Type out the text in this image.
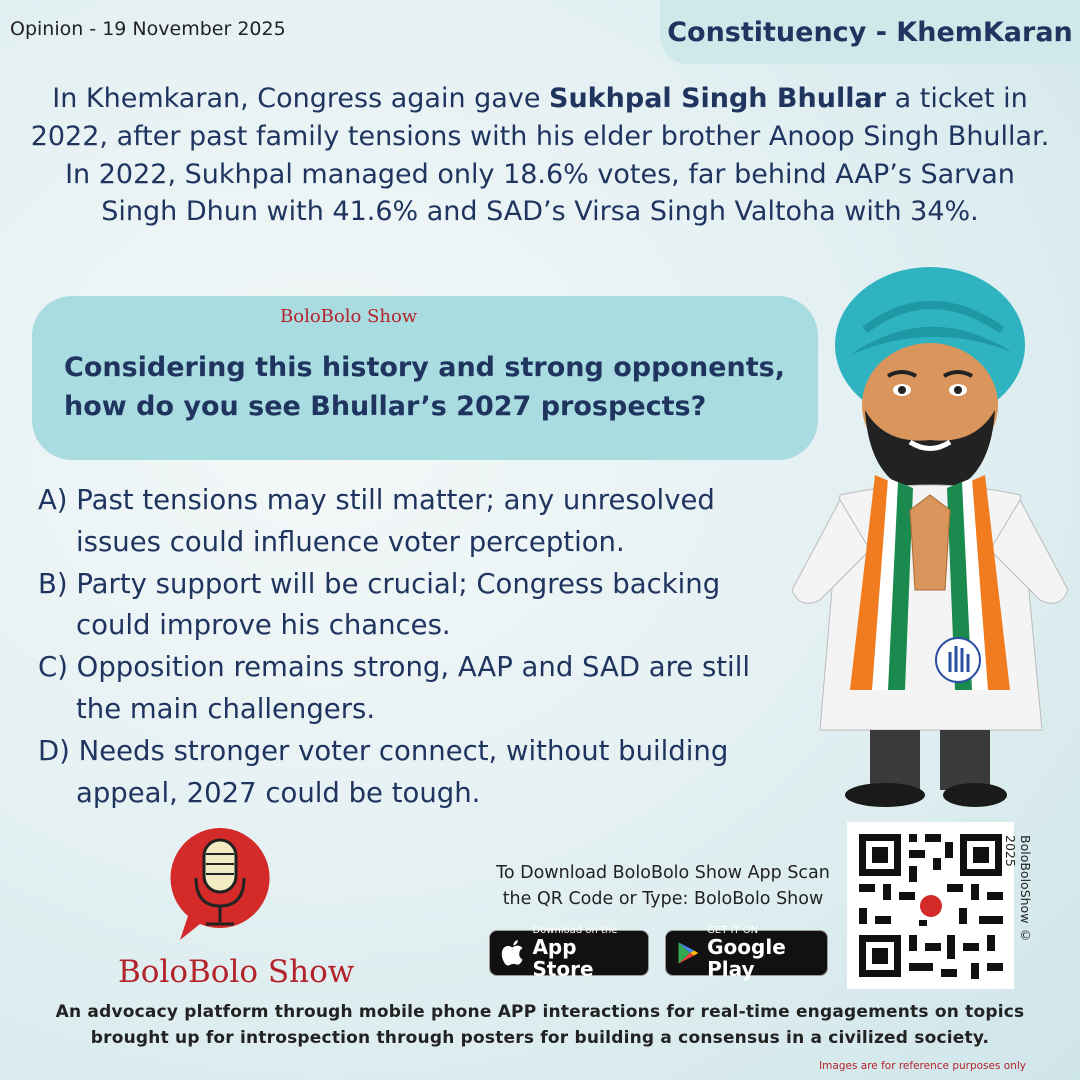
Opinion - 19 November 2025	Constituency - KhemKaran
In Khemkaran, Congress again gave Sukhpal Singh Bhullar a ticket in 2022, after past family tensions with his elder brother Anoop Singh Bhullar. In 2022, Sukhpal managed only 18.6% votes, far behind AAP’s Sarvan Singh Dhun with 41.6% and SAD’s Virsa Singh Valtoha with 34%.
BoloBolo Show
Considering this history and strong opponents, how do you see Bhullar’s 2027 prospects?
A) Past tensions may still matter; any unresolved issues could influence voter perception.
B) Party support will be crucial; Congress backing could improve his chances.
C) Opposition remains strong, AAP and SAD are still the main challengers.
D) Needs stronger voter connect, without building appeal, 2027 could be tough.
BoloBolo Show
To Download BoloBolo Show App Scan the QR Code or Type: BoloBolo Show
Download on the
App Store
GET IT ON
Google Play
BoloBoloShow © 2025
An advocacy platform through mobile phone APP interactions for real-time engagements on topics brought up for introspection through posters for building a consensus in a civilized society.
Images are for reference purposes only
